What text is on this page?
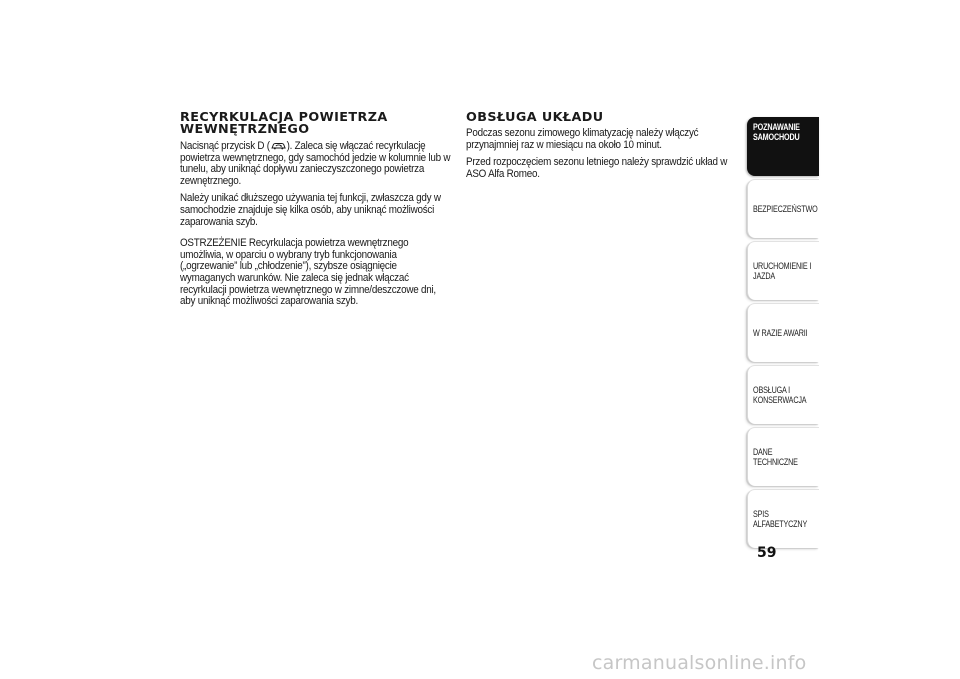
RECYRKULACJA POWIETRZA WEWNĘTRZNEGO

Nacisnąć przycisk D ( ). Zaleca się włączać recyrkulację powietrza wewnętrznego, gdy samochód jedzie w kolumnie lub w tunelu, aby uniknąć dopływu zanieczyszczonego powietrza zewnętrznego.

Należy unikać dłuższego używania tej funkcji, zwłaszcza gdy w samochodzie znajduje się kilka osób, aby uniknąć możliwości zaparowania szyb.

OSTRZEŻENIE Recyrkulacja powietrza wewnętrznego umożliwia, w oparciu o wybrany tryb funkcjonowania („ogrzewanie” lub „chłodzenie”), szybsze osiągnięcie wymaganych warunków. Nie zaleca się jednak włączać recyrkulacji powietrza wewnętrznego w zimne/deszczowe dni, aby uniknąć możliwości zaparowania szyb.

OBSŁUGA UKŁADU

Podczas sezonu zimowego klimatyzację należy włączyć przynajmniej raz w miesiącu na około 10 minut.

Przed rozpoczęciem sezonu letniego należy sprawdzić układ w ASO Alfa Romeo.

POZNAWANIE
SAMOCHODU
BEZPIECZEŃSTWO
URUCHOMIENIE I
JAZDA
W RAZIE AWARII
OBSŁUGA I
KONSERWACJA
DANE TECHNICZNE
SPIS ALFABETYCZNY
59
carmanualsonline.info
